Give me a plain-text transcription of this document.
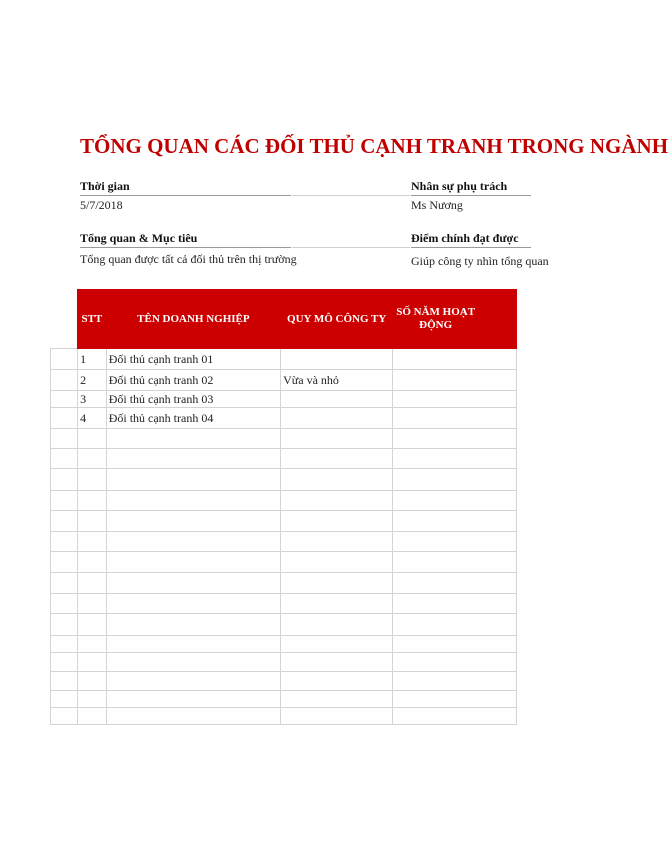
TỔNG QUAN CÁC ĐỐI THỦ CẠNH TRANH TRONG NGÀNH
Thời gian
5/7/2018
Nhân sự phụ trách
Ms Nương
Tổng quan & Mục tiêu
Tổng quan được tất cả đối thủ trên thị trường
Điểm chính đạt được
Giúp công ty nhìn tổng quan
	STT	TÊN DOANH NGHIỆP	QUY MÔ CÔNG TY	SỐ NĂM HOẠT ĐỘNG
	1	Đối thủ cạnh tranh 01		
	2	Đối thủ cạnh tranh 02	Vừa và nhỏ	
	3	Đối thủ cạnh tranh 03		
	4	Đối thủ cạnh tranh 04		
